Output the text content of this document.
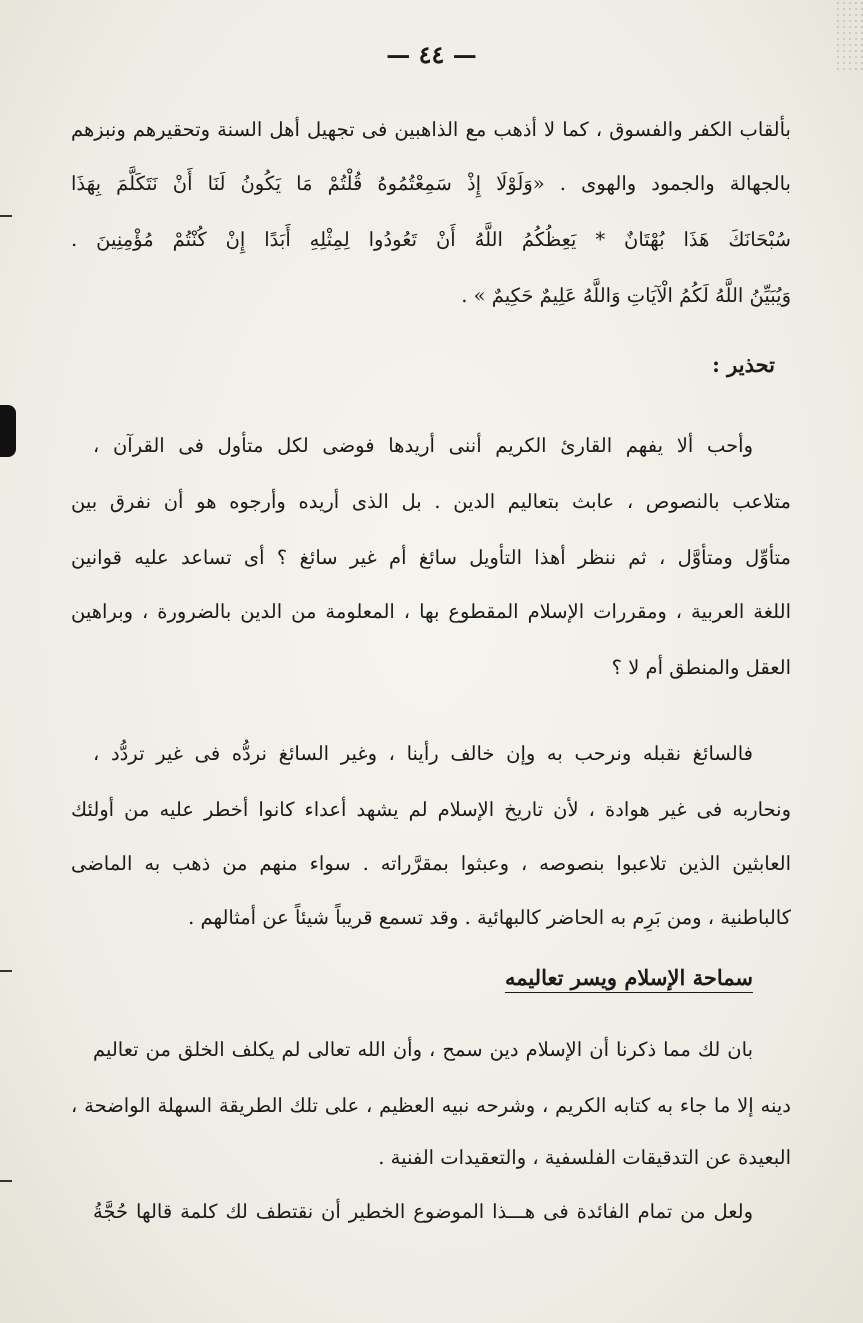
— ٤٤ —
بألقاب الكفر والفسوق ، كما لا أذهب مع الذاهبين فى تجهيل أهل السنة وتحقيرهم ونبزهم
بالجهالة والجمود والهوى . «وَلَوْلَا إِذْ سَمِعْتُمُوهُ قُلْتُمْ مَا يَكُونُ لَنَا أَنْ نَتَكَلَّمَ بِهَذَا
سُبْحَانَكَ هَذَا بُهْتَانٌ * يَعِظُكُمُ اللَّهُ أَنْ تَعُودُوا لِمِثْلِهِ أَبَدًا إِنْ كُنْتُمْ مُؤْمِنِينَ .
وَيُبَيِّنُ اللَّهُ لَكُمُ الْآيَاتِ وَاللَّهُ عَلِيمٌ حَكِيمٌ » .
تحذير :
وأحب ألا يفهم القارئ الكريم أننى أريدها فوضى لكل متأول فى القرآن ،
متلاعب بالنصوص ، عابث بتعاليم الدين . بل الذى أريده وأرجوه هو أن نفرق بين
متأوِّل ومتأوَّل ، ثم ننظر أهذا التأويل سائغ أم غير سائغ ؟ أى تساعد عليه قوانين
اللغة العربية ، ومقررات الإسلام المقطوع بها ، المعلومة من الدين بالضرورة ، وبراهين
العقل والمنطق أم لا ؟
فالسائغ نقبله ونرحب به وإن خالف رأينا ، وغير السائغ نردُّه فى غير تردُّد ،
ونحاربه فى غير هوادة ، لأن تاريخ الإسلام لم يشهد أعداء كانوا أخطر عليه من أولئك
العابثين الذين تلاعبوا بنصوصه ، وعبثوا بمقرَّراته . سواء منهم من ذهب به الماضى
كالباطنية ، ومن بَرِم به الحاضر كالبهائية . وقد تسمع قريباً شيئاً عن أمثالهم .
سماحة الإسلام ويسر تعاليمه
بان لك مما ذكرنا أن الإسلام دين سمح ، وأن الله تعالى لم يكلف الخلق من تعاليم
دينه إلا ما جاء به كتابه الكريم ، وشرحه نبيه العظيم ، على تلك الطريقة السهلة الواضحة ،
البعيدة عن التدقيقات الفلسفية ، والتعقيدات الفنية .
ولعل من تمام الفائدة فى هـــذا الموضوع الخطير أن نقتطف لك كلمة قالها حُجَّةُ
